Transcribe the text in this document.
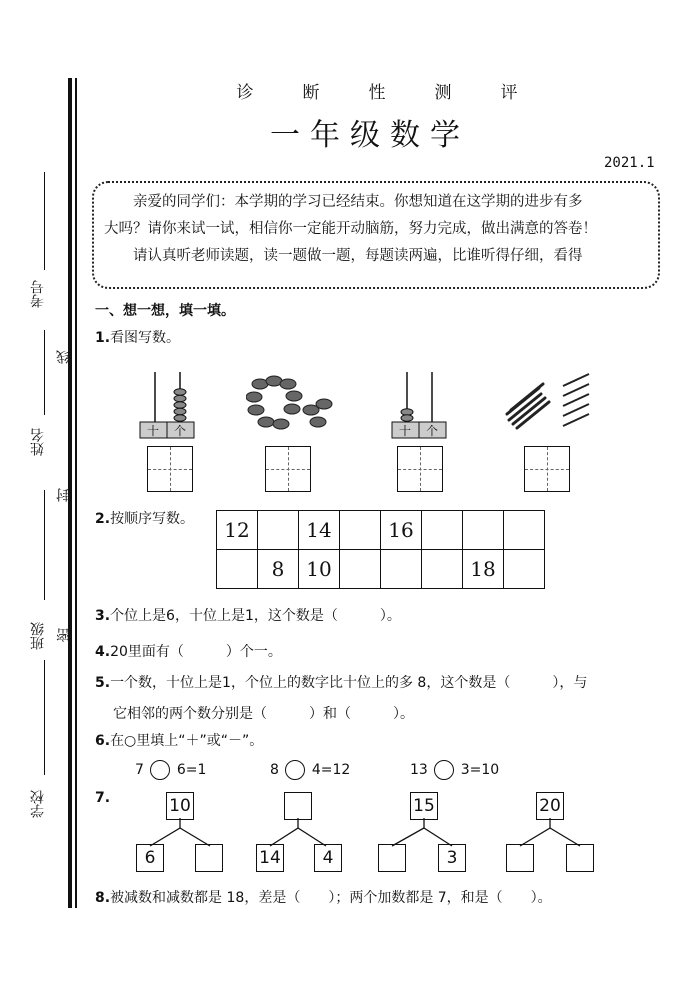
考号
线
姓名
封
班级 密
学校
诊	断	性	测	评
一年级数学
2021.1
亲爱的同学们：本学期的学习已经结束。你想知道在这学期的进步有多
大吗？请你来试一试，相信你一定能开动脑筋，努力完成，做出满意的答卷！
请认真听老师读题，读一题做一题，每题读两遍，比谁听得仔细，看得
一、想一想，填一填。
1.看图写数。
十 个	十 个
2.按顺序写数。 12		14		16			
	8	10				18	
3.个位上是6，十位上是1，这个数是（　　　）。
4.20里面有（　　　）个一。
5.一个数，十位上是1，个位上的数字比十位上的多 8，这个数是（　　　），与
它相邻的两个数分别是（　　　）和（　　　）。
6.在○里填上“＋”或“－”。
7 6=1	8 4=12	13 3=10
7.	10
6	14	4
15
3
20
8.被减数和减数都是 18，差是（　　）；两个加数都是 7，和是（　　）。
